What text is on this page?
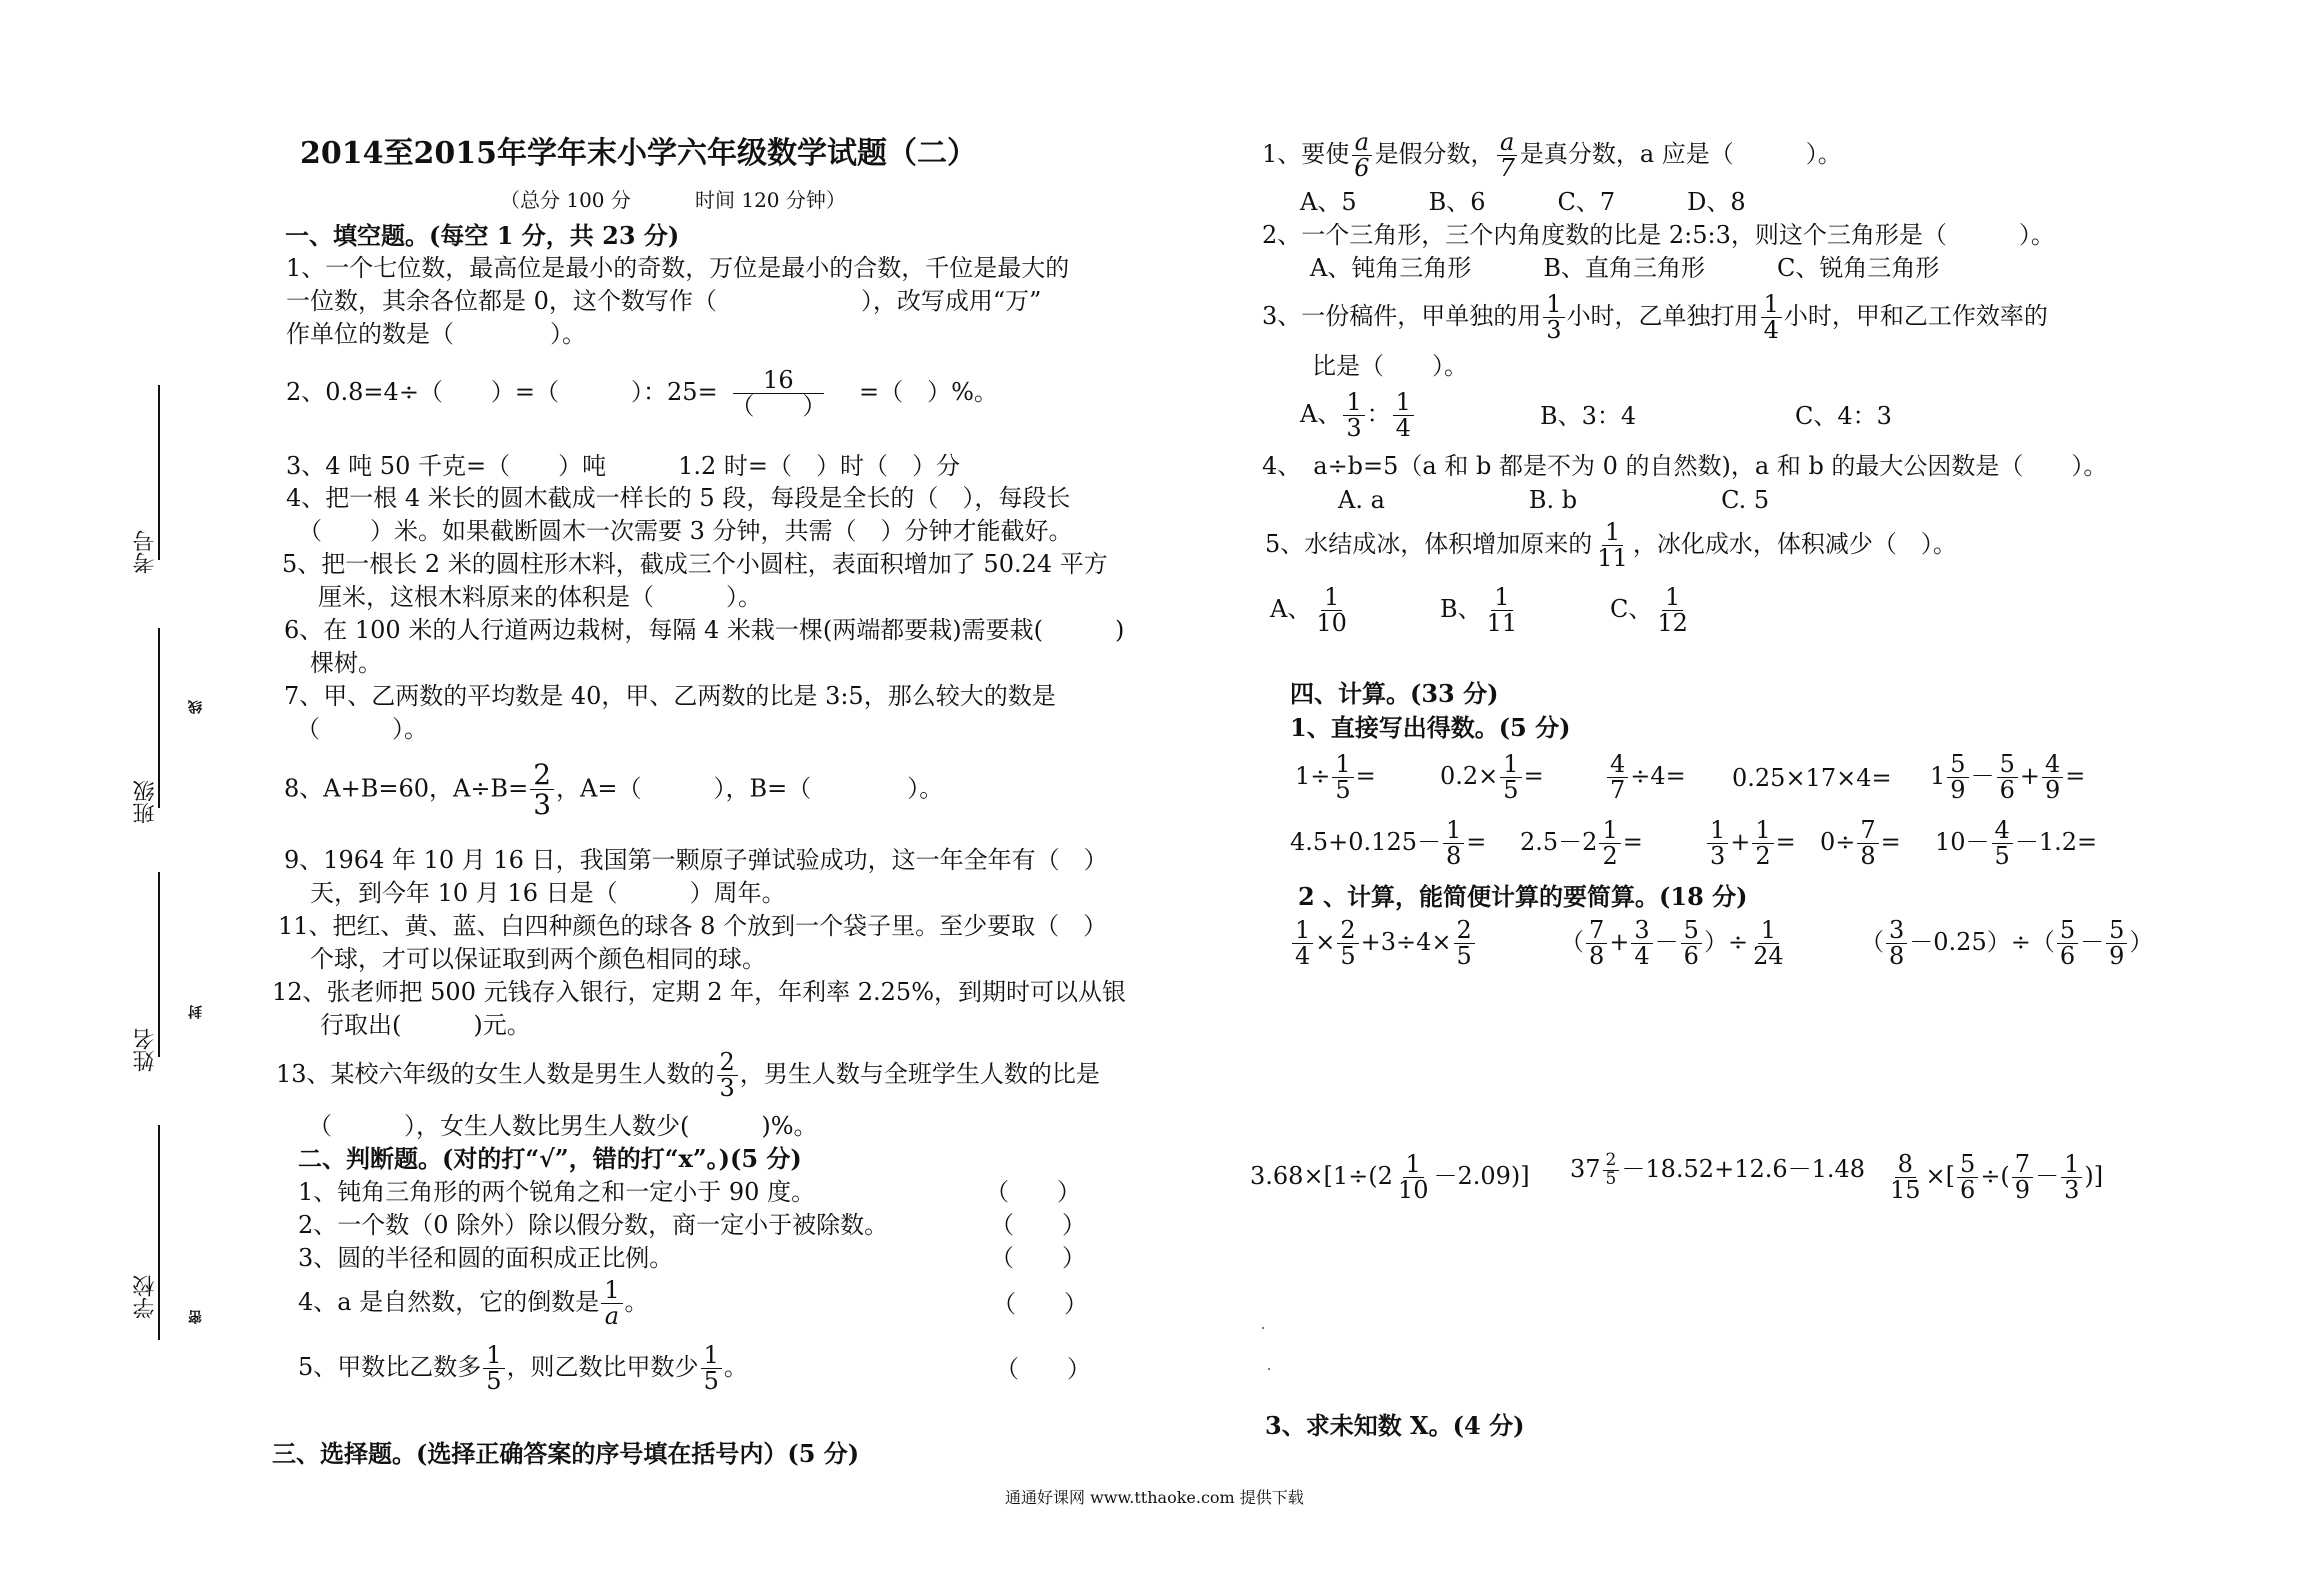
2014至2015年学年末小学六年级数学试题（二）
（总分 100 分	时间 120 分钟）
考号
班级
姓名
学校
线
封
密
一、填空题。(每空 1 分，共 23 分)
1、一个七位数，最高位是最小的奇数，万位是最小的合数，千位是最大的
一位数，其余各位都是 0，这个数写作（　　　　　　），改写成用“万”
作单位的数是（　　　　）。
2、0.8=4÷（　　）=（　　　）：$25= \frac{16}{( )}$ =（　）%。
3、4 吨 50 千克=（　　）吨　　　1.2 时=（　）时（　）分
4、把一根 4 米长的圆木截成一样长的 5 段，每段是全长的（　），每段长
（　　）米。如果截断圆木一次需要 3 分钟，共需（　）分钟才能截好。
5、把一根长 2 米的圆柱形木料，截成三个小圆柱，表面积增加了 50.24 平方
厘米，这根木料原来的体积是（　　　）。
6、在 100 米的人行道两边栽树，每隔 4 米栽一棵(两端都要栽)需要栽(　　　)
棵树。
7、甲、乙两数的平均数是 40，甲、乙两数的比是 3:5，那么较大的数是
（　　　）。
8、A+B=60，$A\div B= \frac{2}{3}$ ，A=（　　　），B=（　　　　）。
9、1964 年 10 月 16 日，我国第一颗原子弹试验成功，这一年全年有（　）
天，到今年 10 月 16 日是（　　　）周年。
11、把红、黄、蓝、白四种颜色的球各 8 个放到一个袋子里。至少要取（　）
个球，才可以保证取到两个颜色相同的球。
12、张老师把 500 元钱存入银行，定期 2 年，年利率 2.25%，到期时可以从银
行取出(　　　)元。
13、某校六年级的女生人数是男生人数的 $\frac{2}{3}$ ，男生人数与全班学生人数的比是
（　　　），女生人数比男生人数少(　　　)%。
二、判断题。(对的打“√”，错的打“x”。)(5 分)
1、钝角三角形的两个锐角之和一定小于 90 度。	（　　）
2、一个数（0 除外）除以假分数，商一定小于被除数。	（　　）
3、圆的半径和圆的面积成正比例。	（　　）
4、a 是自然数，它的倒数是 $\frac{1}{a}$ 。	（　　）
5、甲数比乙数多 $\frac{1}{5}$ ，则乙数比甲数少 $\frac{1}{5}$ 。	（　　）
三、选择题。(选择正确答案的序号填在括号内）(5 分)
1、要使 $\frac{a}{6}$ 是假分数， $\frac{a}{7}$ 是真分数，a 应是（　　　）。
A、5　　　B、6　　　C、7　　　D、8
2、一个三角形，三个内角度数的比是 2:5:3，则这个三角形是（　　　）。
A、钝角三角形　　　B、直角三角形　　　C、锐角三角形
3、一份稿件，甲单独的用 $\frac{1}{3}$ 小时，乙单独打用 $\frac{1}{4}$ 小时，甲和乙工作效率的
比是（　　）。
A、 $\frac{1}{3}$ ： $\frac{1}{4}$	B、3：4	C、4：3
4、　a÷b=5（a 和 b 都是不为 0 的自然数)，a 和 b 的最大公因数是（　　）。
A. a　　　　　　B. b　　　　　　C. 5
5、水结成冰，体积增加原来的 $\frac{1}{11}$ ，冰化成水，体积减少（　）。
A、 $\frac{1}{10}$	B、 $\frac{1}{11}$	C、 $\frac{1}{12}$
四、计算。(33 分)
1、直接写出得数。(5 分)
$1\div \frac{1}{5}$ =	$0.2\times \frac{1}{5}$ =	$\frac{4}{7} \div 4= 0.25\times 17\times 4= 1 \frac{5}{9} - \frac{5}{6} + \frac{4}{9}$ =
$4.5+0.125- \frac{1}{8} = 2.5-2 \frac{1}{2}$ =	$\frac{1}{3} + \frac{1}{2} = 0\div \frac{7}{8} = 10- \frac{4}{5} -1.2=$
2 、计算，能简便计算的要简算。(18 分)
$\frac{1}{4} \times \frac{2}{5} +3\div 4\times \frac{2}{5}$	（ $\frac{7}{8} + \frac{3}{4} - \frac{5}{6}$ ）÷ $\frac{1}{24}$	（ $\frac{3}{8} -0.25)\div( \frac{5}{6} - \frac{5}{9}$ ）
$3.68\times[1\div(2 \frac{1}{10} -2.09)]$ $37 \frac{2}{5} -18.52+12.6-1.48 \frac{8}{15}$ ×[ $\frac{5}{6}$ ÷( $\frac{7}{9} - \frac{1}{3}$ )]
3、求未知数 X。(4 分)
通通好课网 www.tthaoke.com 提供下载
